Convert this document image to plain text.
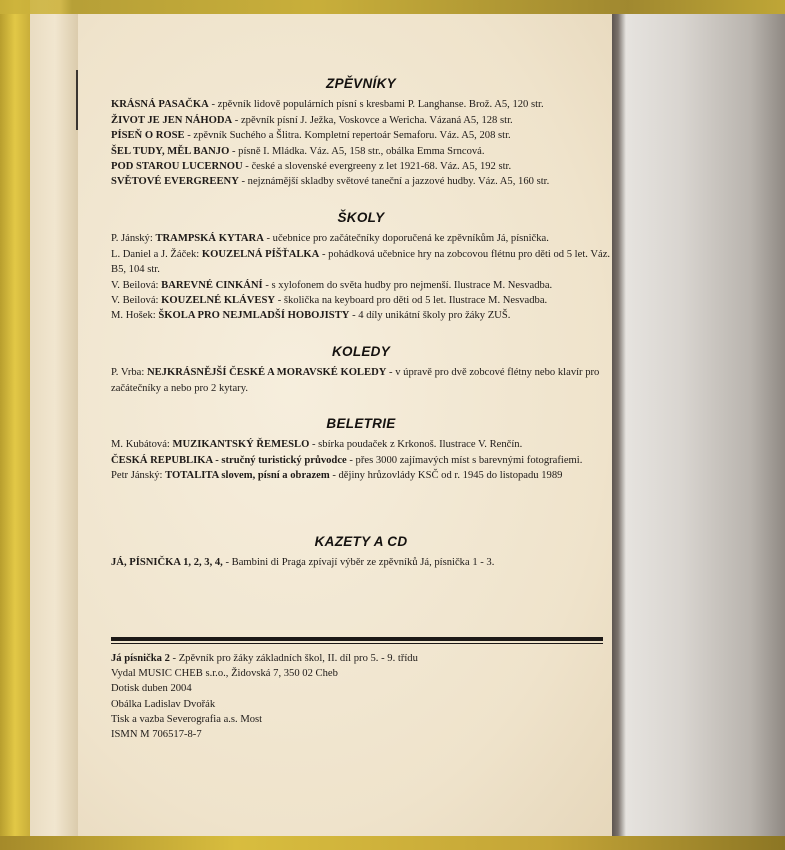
ZPĚVNÍKY

KRÁSNÁ PASAČKA - zpěvník lidově populárních písní s kresbami P. Langhanse. Brož. A5, 120 str.

ŽIVOT JE JEN NÁHODA - zpěvník písní J. Ježka, Voskovce a Wericha. Vázaná A5, 128 str.

PÍSEŇ O ROSE - zpěvník Suchého a Šlitra. Kompletní repertoár Semaforu. Váz. A5, 208 str.

ŠEL TUDY, MĚL BANJO - písně I. Mládka. Váz. A5, 158 str., obálka Emma Srncová.

POD STAROU LUCERNOU - české a slovenské evergreeny z let 1921-68. Váz. A5, 192 str.

SVĚTOVÉ EVERGREENY - nejznámější skladby světové taneční a jazzové hudby. Váz. A5, 160 str.

ŠKOLY

P. Jánský: TRAMPSKÁ KYTARA - učebnice pro začátečníky doporučená ke zpěvníkům Já, písnička.

L. Daniel a J. Žáček: KOUZELNÁ PÍŠŤALKA - pohádková učebnice hry na zobcovou flétnu pro děti od 5 let. Váz. B5, 104 str.

V. Beilová: BAREVNÉ CINKÁNÍ - s xylofonem do světa hudby pro nejmenší. Ilustrace M. Nesvadba.

V. Beilová: KOUZELNÉ KLÁVESY - školička na keyboard pro děti od 5 let. Ilustrace M. Nesvadba.

M. Hošek: ŠKOLA PRO NEJMLADŠÍ HOBOJISTY - 4 díly unikátní školy pro žáky ZUŠ.

KOLEDY

P. Vrba: NEJKRÁSNĚJŠÍ ČESKÉ A MORAVSKÉ KOLEDY - v úpravě pro dvě zobcové flétny nebo klavír pro začátečníky a nebo pro 2 kytary.

BELETRIE

M. Kubátová: MUZIKANTSKÝ ŘEMESLO - sbírka poudaček z Krkonoš. Ilustrace V. Renčín.

ČESKÁ REPUBLIKA - stručný turistický průvodce - přes 3000 zajímavých míst s barevnými fotografiemi.

Petr Jánský: TOTALITA slovem, písní a obrazem - dějiny hrůzovlády KSČ od r. 1945 do listopadu 1989

KAZETY A CD

JÁ, PÍSNIČKA 1, 2, 3, 4, - Bambini di Praga zpívají výběr ze zpěvníků Já, písnička 1 - 3.

Já písnička 2 - Zpěvník pro žáky základních škol, II. díl pro 5. - 9. třídu

Vydal MUSIC CHEB s.r.o., Židovská 7, 350 02 Cheb

Dotisk duben 2004

Obálka Ladislav Dvořák

Tisk a vazba Severografia a.s. Most

ISMN M 706517-8-7
